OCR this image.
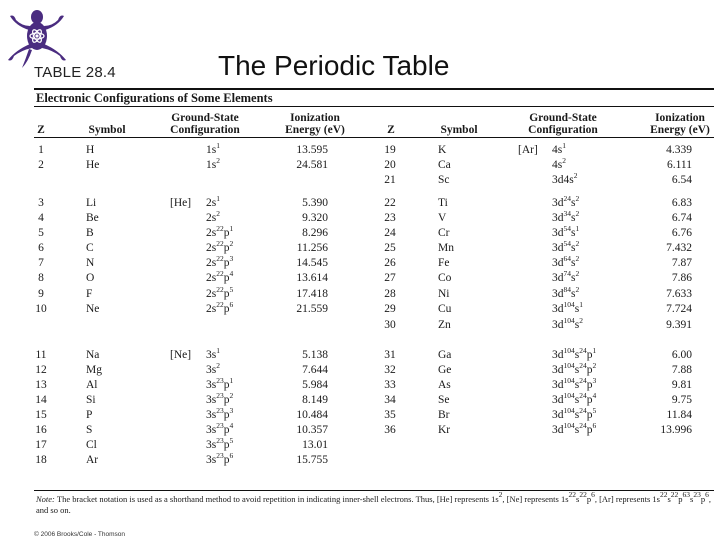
TABLE 28.4	The Periodic Table
Electronic Configurations of Some Elements
Z	Symbol
Ground-State Configuration
Ionization Energy (eV)	Z	Symbol
Ground-State Configuration
Ionization Energy (eV)
1	H	$1s^1$	13.595
2	He	$1s^2$	24.581
3	Li	[He]	$2s^1$	5.390
4	Be	$2s^2$	9.320
5	B	$2s^{22}p^1$	8.296
6	C	$2s^{22}p^2$	11.256
7	N	$2s^{22}p^3$	14.545
8	O	$2s^{22}p^4$	13.614
9	F	$2s^{22}p^5$	17.418
10	Ne	$2s^{22}p^6$	21.559
11	Na	[Ne]	$3s^1$	5.138
12	Mg	$3s^2$	7.644
13	Al	$3s^{23}p^1$	5.984
14	Si	$3s^{23}p^2$	8.149
15	P	$3s^{23}p^3$	10.484
16	S	$3s^{23}p^4$	10.357
17	Cl	$3s^{23}p^5$	13.01
18	Ar	$3s^{23}p^6$	15.755
19	K	[Ar]	$4s^1$	4.339
20	Ca	$4s^2$	6.111
21	Sc	$3d4s^2$	6.54
22	Ti	$3d^{24}s^2$	6.83
23	V	$3d^{34}s^2$	6.74
24	Cr	$3d^{54}s^1$	6.76
25	Mn	$3d^{54}s^2$	7.432
26	Fe	$3d^{64}s^2$	7.87
27	Co	$3d^{74}s^2$	7.86
28	Ni	$3d^{84}s^2$	7.633
29	Cu	$3d^{104}s^1$	7.724
30	Zn	$3d^{104}s^2$	9.391
31	Ga	$3d^{104}s^{24}p^1$	6.00
32	Ge	$3d^{104}s^{24}p^2$	7.88
33	As	$3d^{104}s^{24}p^3$	9.81
34	Se	$3d^{104}s^{24}p^4$	9.75
35	Br	$3d^{104}s^{24}p^5$	11.84
36	Kr	$3d^{104}s^{24}p^6$	13.996
Note: The bracket notation is used as a shorthand method to avoid repetition in indicating inner-shell electrons. Thus, [He] represents $1s^2$, [Ne] represents $1s^{22}s^{22}p^6$, [Ar] represents $1s^{22}s^{22}p^{63}s^{23}p^6$, and so on.
© 2006 Brooks/Cole - Thomson
